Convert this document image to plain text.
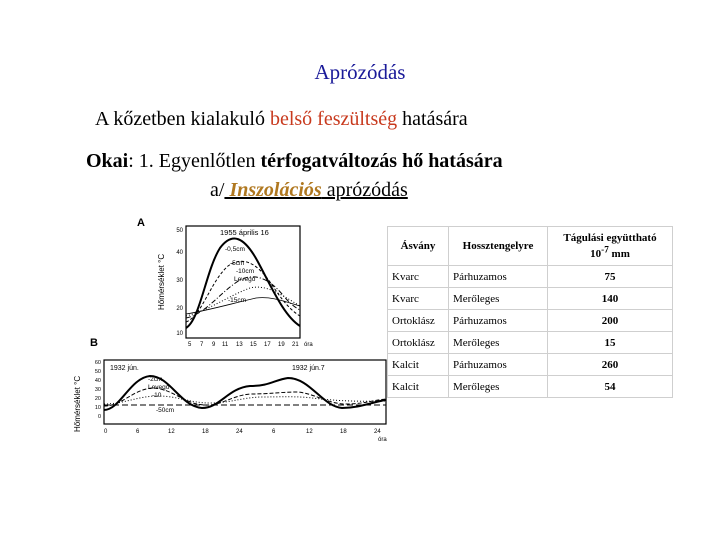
Aprózódás
A kőzetben kialakuló belső feszültség hatására
Okai: 1. Egyenlőtlen térfogatváltozás hő hatására
a/ Inszolációs aprózódás
A
Hőmérséklet °C
50
40
30
20
10
5 7 9 11 13 15 17 19 21 óra
1955 április 16
-0,5cm
-5cm
-10cm
Levegő
-15cm
B
Hőmérséklet °C
60
50
40
30
20
10
0
0	6	12	18	24	6	12	18	24
óra
1932 jún.	1932 jún.7
-2cm
Levegő
-10
-50cm
Ásvány	Hossztengelyre	Tágulási együttható
$10^{-7}$ mm
Kvarc	Párhuzamos	75
Kvarc	Merőleges	140
Ortoklász	Párhuzamos	200
Ortoklász	Merőleges	15
Kalcit	Párhuzamos	260
Kalcit	Merőleges	54
